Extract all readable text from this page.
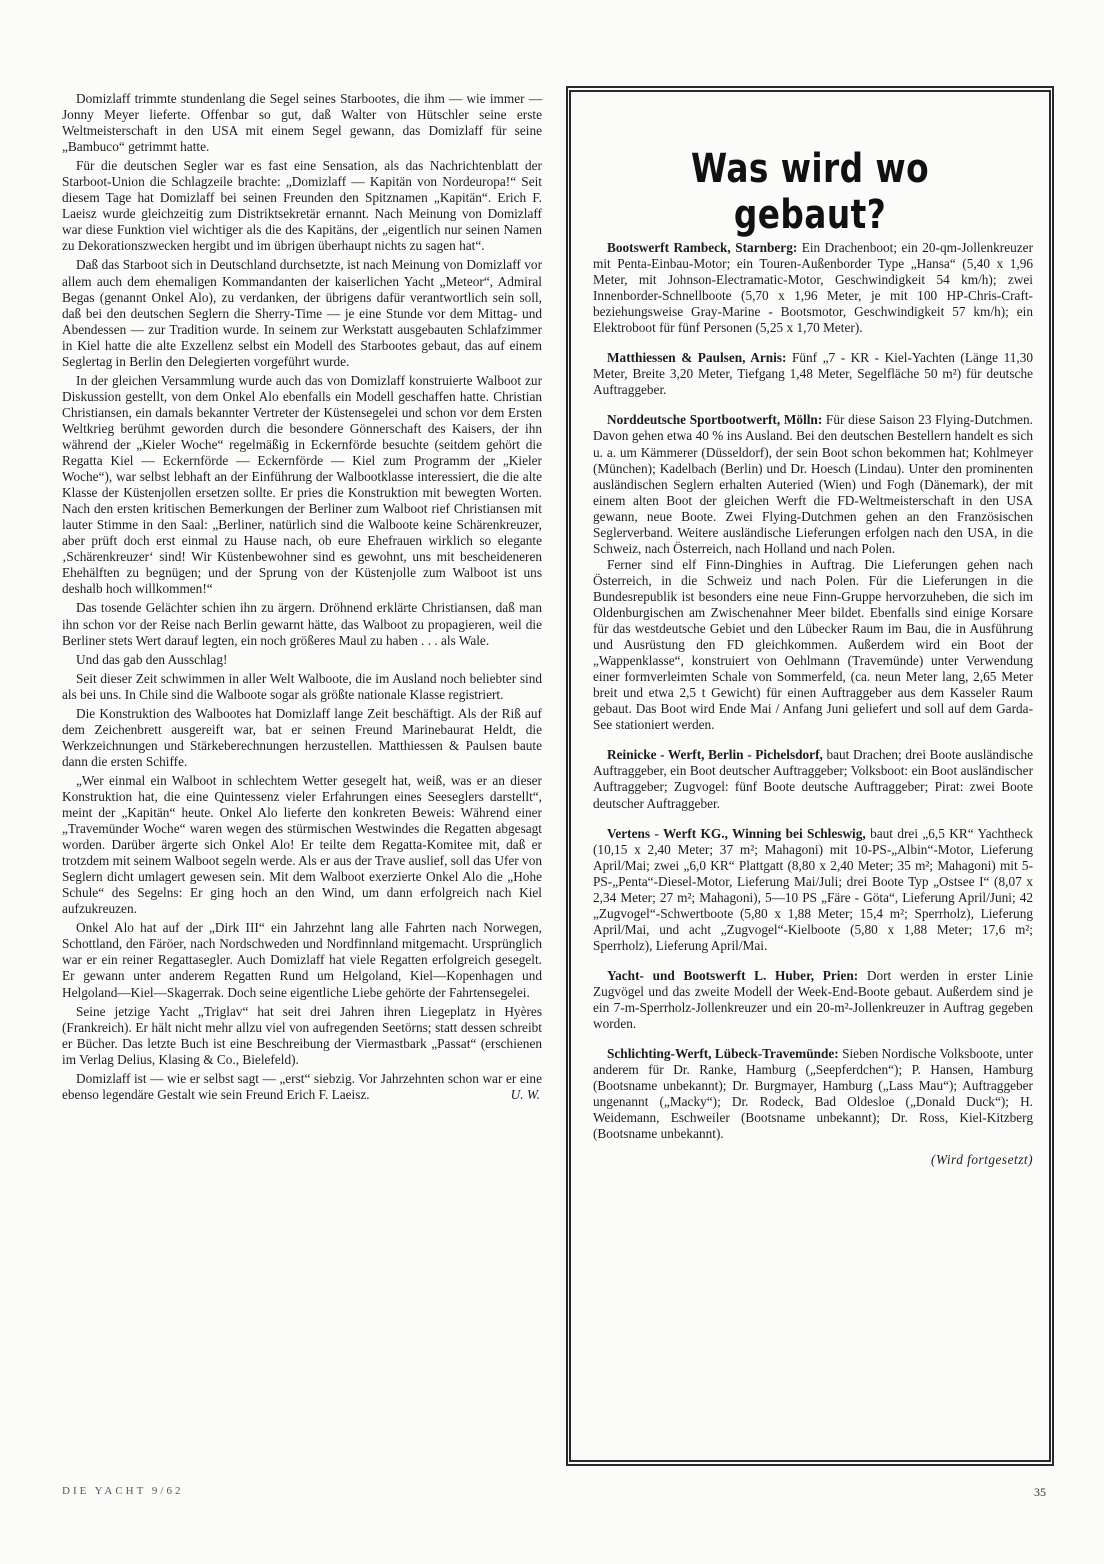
Domizlaff trimmte stundenlang die Segel seines Starbootes, die ihm — wie immer — Jonny Meyer lieferte. Offenbar so gut, daß Walter von Hütschler seine erste Weltmeisterschaft in den USA mit einem Segel gewann, das Domizlaff für seine „Bambuco“ getrimmt hatte.

Für die deutschen Segler war es fast eine Sensation, als das Nachrichtenblatt der Starboot-Union die Schlagzeile brachte: „Domizlaff — Kapitän von Nordeuropa!“ Seit diesem Tage hat Domizlaff bei seinen Freunden den Spitznamen „Kapitän“. Erich F. Laeisz wurde gleichzeitig zum Distriktsekretär ernannt. Nach Meinung von Domizlaff war diese Funktion viel wichtiger als die des Kapitäns, der „eigentlich nur seinen Namen zu Dekorationszwecken hergibt und im übrigen überhaupt nichts zu sagen hat“.

Daß das Starboot sich in Deutschland durchsetzte, ist nach Meinung von Domizlaff vor allem auch dem ehemaligen Kommandanten der kaiserlichen Yacht „Meteor“, Admiral Begas (genannt Onkel Alo), zu verdanken, der übrigens dafür verantwortlich sein soll, daß bei den deutschen Seglern die Sherry-Time — je eine Stunde vor dem Mittag- und Abendessen — zur Tradition wurde. In seinem zur Werkstatt ausgebauten Schlafzimmer in Kiel hatte die alte Exzellenz selbst ein Modell des Starbootes gebaut, das auf einem Seglertag in Berlin den Delegierten vorgeführt wurde.

In der gleichen Versammlung wurde auch das von Domizlaff konstruierte Walboot zur Diskussion gestellt, von dem Onkel Alo ebenfalls ein Modell geschaffen hatte. Christian Christiansen, ein damals bekannter Vertreter der Küstensegelei und schon vor dem Ersten Weltkrieg berühmt geworden durch die besondere Gönnerschaft des Kaisers, der ihn während der „Kieler Woche“ regelmäßig in Eckernförde besuchte (seitdem gehört die Regatta Kiel — Eckernförde — Eckernförde — Kiel zum Programm der „Kieler Woche“), war selbst lebhaft an der Einführung der Walbootklasse interessiert, die die alte Klasse der Küstenjollen ersetzen sollte. Er pries die Konstruktion mit bewegten Worten. Nach den ersten kritischen Bemerkungen der Berliner zum Walboot rief Christiansen mit lauter Stimme in den Saal: „Berliner, natürlich sind die Walboote keine Schärenkreuzer, aber prüft doch erst einmal zu Hause nach, ob eure Ehefrauen wirklich so elegante ‚Schärenkreuzer‘ sind! Wir Küstenbewohner sind es gewohnt, uns mit bescheideneren Ehehälften zu begnügen; und der Sprung von der Küstenjolle zum Walboot ist uns deshalb hoch willkommen!“

Das tosende Gelächter schien ihn zu ärgern. Dröhnend erklärte Christiansen, daß man ihn schon vor der Reise nach Berlin gewarnt hätte, das Walboot zu propagieren, weil die Berliner stets Wert darauf legten, ein noch größeres Maul zu haben . . . als Wale.

Und das gab den Ausschlag!

Seit dieser Zeit schwimmen in aller Welt Walboote, die im Ausland noch beliebter sind als bei uns. In Chile sind die Walboote sogar als größte nationale Klasse registriert.

Die Konstruktion des Walbootes hat Domizlaff lange Zeit beschäftigt. Als der Riß auf dem Zeichenbrett ausgereift war, bat er seinen Freund Marinebaurat Heldt, die Werkzeichnungen und Stärkeberechnungen herzustellen. Matthiessen & Paulsen baute dann die ersten Schiffe.

„Wer einmal ein Walboot in schlechtem Wetter gesegelt hat, weiß, was er an dieser Konstruktion hat, die eine Quintessenz vieler Erfahrungen eines Seeseglers darstellt“, meint der „Kapitän“ heute. Onkel Alo lieferte den konkreten Beweis: Während einer „Travemünder Woche“ waren wegen des stürmischen Westwindes die Regatten abgesagt worden. Darüber ärgerte sich Onkel Alo! Er teilte dem Regatta-Komitee mit, daß er trotzdem mit seinem Walboot segeln werde. Als er aus der Trave auslief, soll das Ufer von Seglern dicht umlagert gewesen sein. Mit dem Walboot exerzierte Onkel Alo die „Hohe Schule“ des Segelns: Er ging hoch an den Wind, um dann erfolgreich nach Kiel aufzukreuzen.

Onkel Alo hat auf der „Dirk III“ ein Jahrzehnt lang alle Fahrten nach Norwegen, Schottland, den Färöer, nach Nordschweden und Nordfinnland mitgemacht. Ursprünglich war er ein reiner Regattasegler. Auch Domizlaff hat viele Regatten erfolgreich gesegelt. Er gewann unter anderem Regatten Rund um Helgoland, Kiel—Kopenhagen und Helgoland—Kiel—Skagerrak. Doch seine eigentliche Liebe gehörte der Fahrtensegelei.

Seine jetzige Yacht „Triglav“ hat seit drei Jahren ihren Liegeplatz in Hyères (Frankreich). Er hält nicht mehr allzu viel von aufregenden Seetörns; statt dessen schreibt er Bücher. Das letzte Buch ist eine Beschreibung der Viermastbark „Passat“ (erschienen im Verlag Delius, Klasing & Co., Bielefeld).

Domizlaff ist — wie er selbst sagt — „erst“ siebzig. Vor Jahrzehnten schon war er eine ebenso legendäre Gestalt wie sein Freund Erich F. Laeisz.	U. W.

Was wird wo gebaut?

Bootswerft Rambeck, Starnberg: Ein Drachenboot; ein 20-qm-Jollenkreuzer mit Penta-Einbau-Motor; ein Touren-Außenborder Type „Hansa“ (5,40 x 1,96 Meter, mit Johnson-Electramatic-Motor, Geschwindigkeit 54 km/h); zwei Innenborder-Schnellboote (5,70 x 1,96 Meter, je mit 100 HP-Chris-Craft- beziehungsweise Gray-Marine - Bootsmotor, Geschwindigkeit 57 km/h); ein Elektroboot für fünf Personen (5,25 x 1,70 Meter).

Matthiessen & Paulsen, Arnis: Fünf „7 - KR - Kiel-Yachten (Länge 11,30 Meter, Breite 3,20 Meter, Tiefgang 1,48 Meter, Segelfläche 50 m²) für deutsche Auftraggeber.

Norddeutsche Sportbootwerft, Mölln: Für diese Saison 23 Flying-Dutchmen. Davon gehen etwa 40 % ins Ausland. Bei den deutschen Bestellern handelt es sich u. a. um Kämmerer (Düsseldorf), der sein Boot schon bekommen hat; Kohlmeyer (München); Kadelbach (Berlin) und Dr. Hoesch (Lindau). Unter den prominenten ausländischen Seglern erhalten Auteried (Wien) und Fogh (Dänemark), der mit einem alten Boot der gleichen Werft die FD-Weltmeisterschaft in den USA gewann, neue Boote. Zwei Flying-Dutchmen gehen an den Französischen Seglerverband. Weitere ausländische Lieferungen erfolgen nach den USA, in die Schweiz, nach Österreich, nach Holland und nach Polen.

Ferner sind elf Finn-Dinghies in Auftrag. Die Lieferungen gehen nach Österreich, in die Schweiz und nach Polen. Für die Lieferungen in die Bundesrepublik ist besonders eine neue Finn-Gruppe hervorzuheben, die sich im Oldenburgischen am Zwischenahner Meer bildet. Ebenfalls sind einige Korsare für das westdeutsche Gebiet und den Lübecker Raum im Bau, die in Ausführung und Ausrüstung den FD gleichkommen. Außerdem wird ein Boot der „Wappenklasse“, konstruiert von Oehlmann (Travemünde) unter Verwendung einer formverleimten Schale von Sommerfeld, (ca. neun Meter lang, 2,65 Meter breit und etwa 2,5 t Gewicht) für einen Auftraggeber aus dem Kasseler Raum gebaut. Das Boot wird Ende Mai / Anfang Juni geliefert und soll auf dem Garda-See stationiert werden.

Reinicke - Werft, Berlin - Pichelsdorf, baut Drachen; drei Boote ausländische Auftraggeber, ein Boot deutscher Auftraggeber; Volksboot: ein Boot ausländischer Auftraggeber; Zugvogel: fünf Boote deutsche Auftraggeber; Pirat: zwei Boote deutscher Auftraggeber.

Vertens - Werft KG., Winning bei Schleswig, baut drei „6,5 KR“ Yachtheck (10,15 x 2,40 Meter; 37 m²; Mahagoni) mit 10-PS-„Albin“-Motor, Lieferung April/Mai; zwei „6,0 KR“ Plattgatt (8,80 x 2,40 Meter; 35 m²; Mahagoni) mit 5-PS-„Penta“-Diesel-Motor, Lieferung Mai/Juli; drei Boote Typ „Ostsee I“ (8,07 x 2,34 Meter; 27 m²; Mahagoni), 5—10 PS „Färe - Göta“, Lieferung April/Juni; 42 „Zugvogel“-Schwertboote (5,80 x 1,88 Meter; 15,4 m²; Sperrholz), Lieferung April/Mai, und acht „Zugvogel“-Kielboote (5,80 x 1,88 Meter; 17,6 m²; Sperrholz), Lieferung April/Mai.

Yacht- und Bootswerft L. Huber, Prien: Dort werden in erster Linie Zugvögel und das zweite Modell der Week-End-Boote gebaut. Außerdem sind je ein 7-m-Sperrholz-Jollenkreuzer und ein 20-m²-Jollenkreuzer in Auftrag gegeben worden.

Schlichting-Werft, Lübeck-Travemünde: Sieben Nordische Volksboote, unter anderem für Dr. Ranke, Hamburg („Seepferdchen“); P. Hansen, Hamburg (Bootsname unbekannt); Dr. Burgmayer, Hamburg („Lass Mau“); Auftraggeber ungenannt („Macky“); Dr. Rodeck, Bad Oldesloe („Donald Duck“); H. Weidemann, Eschweiler (Bootsname unbekannt); Dr. Ross, Kiel-Kitzberg (Bootsname unbekannt).

(Wird fortgesetzt)
DIE YACHT 9/62	35
